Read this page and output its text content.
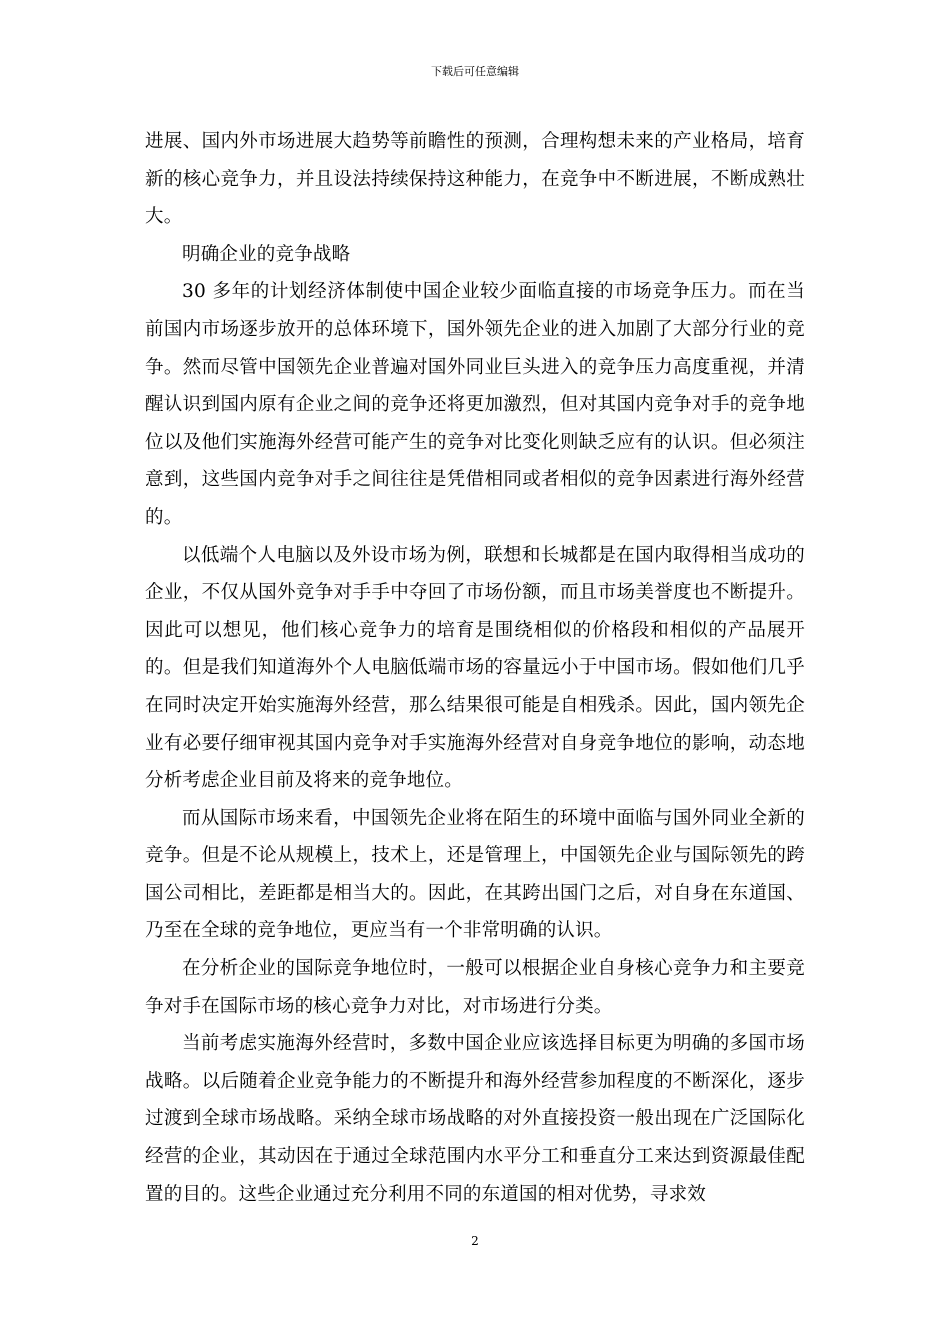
下载后可任意编辑

进展、国内外市场进展大趋势等前瞻性的预测，合理构想未来的产业格局，培育新的核心竞争力，并且设法持续保持这种能力，在竞争中不断进展，不断成熟壮大。

明确企业的竞争战略

30 多年的计划经济体制使中国企业较少面临直接的市场竞争压力。而在当前国内市场逐步放开的总体环境下，国外领先企业的进入加剧了大部分行业的竞争。然而尽管中国领先企业普遍对国外同业巨头进入的竞争压力高度重视，并清醒认识到国内原有企业之间的竞争还将更加激烈，但对其国内竞争对手的竞争地位以及他们实施海外经营可能产生的竞争对比变化则缺乏应有的认识。但必须注意到，这些国内竞争对手之间往往是凭借相同或者相似的竞争因素进行海外经营的。

以低端个人电脑以及外设市场为例，联想和长城都是在国内取得相当成功的企业，不仅从国外竞争对手手中夺回了市场份额，而且市场美誉度也不断提升。因此可以想见，他们核心竞争力的培育是围绕相似的价格段和相似的产品展开的。但是我们知道海外个人电脑低端市场的容量远小于中国市场。假如他们几乎在同时决定开始实施海外经营，那么结果很可能是自相残杀。因此，国内领先企业有必要仔细审视其国内竞争对手实施海外经营对自身竞争地位的影响，动态地分析考虑企业目前及将来的竞争地位。

而从国际市场来看，中国领先企业将在陌生的环境中面临与国外同业全新的竞争。但是不论从规模上，技术上，还是管理上，中国领先企业与国际领先的跨国公司相比，差距都是相当大的。因此，在其跨出国门之后，对自身在东道国、乃至在全球的竞争地位，更应当有一个非常明确的认识。

在分析企业的国际竞争地位时，一般可以根据企业自身核心竞争力和主要竞争对手在国际市场的核心竞争力对比，对市场进行分类。

当前考虑实施海外经营时，多数中国企业应该选择目标更为明确的多国市场战略。以后随着企业竞争能力的不断提升和海外经营参加程度的不断深化，逐步过渡到全球市场战略。采纳全球市场战略的对外直接投资一般出现在广泛国际化经营的企业，其动因在于通过全球范围内水平分工和垂直分工来达到资源最佳配置的目的。这些企业通过充分利用不同的东道国的相对优势，寻求效

2
